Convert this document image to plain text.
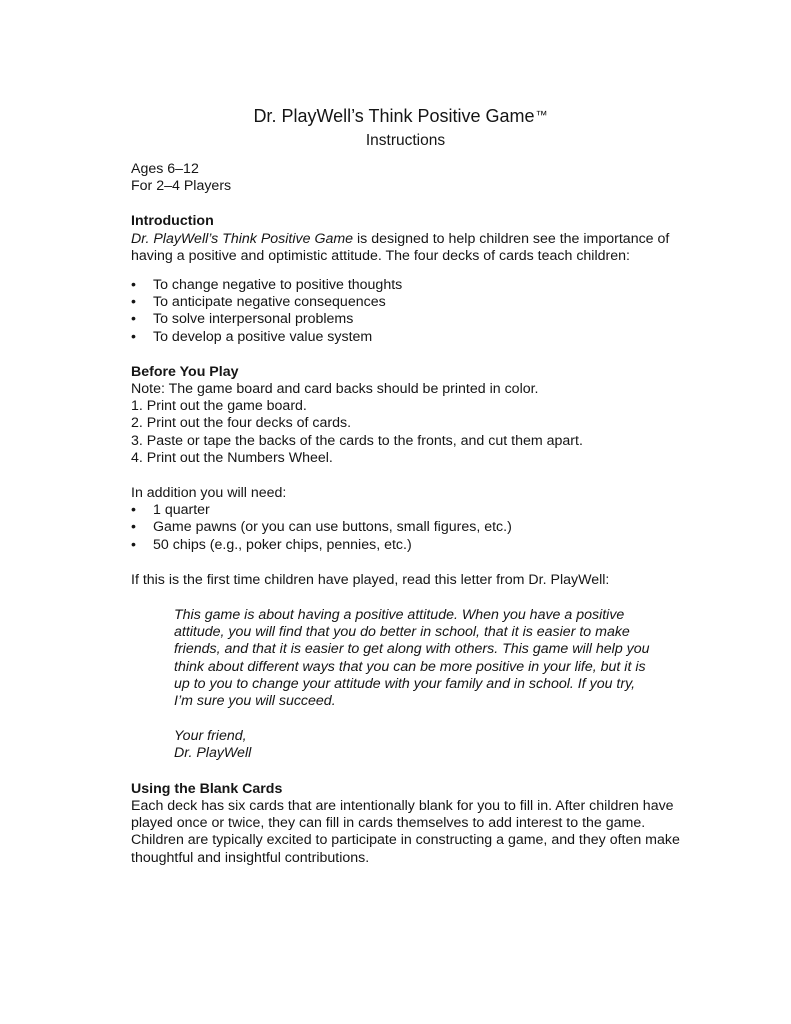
Dr. PlayWell’s Think Positive Game™
Instructions

Ages 6–12

For 2–4 Players

Introduction

Dr. PlayWell’s Think Positive Game is designed to help children see the importance of having a positive and optimistic attitude. The four decks of cards teach children:

• To change negative to positive thoughts
• To anticipate negative consequences
• To solve interpersonal problems
• To develop a positive value system

Before You Play

Note: The game board and card backs should be printed in color.

1. Print out the game board.

2. Print out the four decks of cards.

3. Paste or tape the backs of the cards to the fronts, and cut them apart.

4. Print out the Numbers Wheel.

In addition you will need:

• 1 quarter
• Game pawns (or you can use buttons, small figures, etc.)
• 50 chips (e.g., poker chips, pennies, etc.)

If this is the first time children have played, read this letter from Dr. PlayWell:

This game is about having a positive attitude. When you have a positive attitude, you will find that you do better in school, that it is easier to make friends, and that it is easier to get along with others. This game will help you think about different ways that you can be more positive in your life, but it is up to you to change your attitude with your family and in school. If you try, I’m sure you will succeed.

Your friend,

Dr. PlayWell

Using the Blank Cards

Each deck has six cards that are intentionally blank for you to fill in. After children have played once or twice, they can fill in cards themselves to add interest to the game. Children are typically excited to participate in constructing a game, and they often make thoughtful and insightful contributions.
